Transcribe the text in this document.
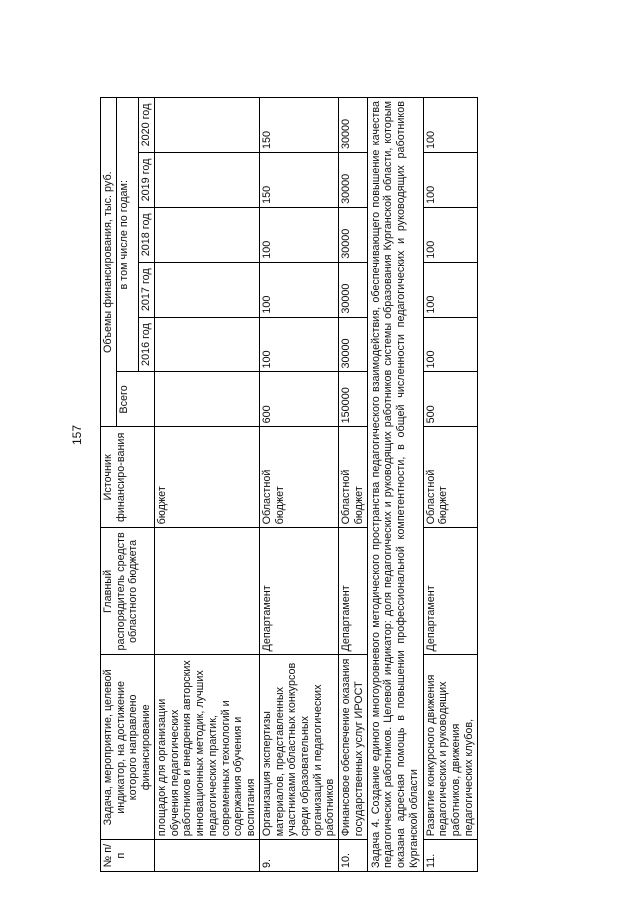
157
№ п/п	Задача, мероприятие, целевой индикатор, на достижение которого направлено финансирование	Главный распорядитель средств областного бюджета	Источник финансиро-вания	Объемы финансирования, тыс. руб.					
				Всего	в том числе по годам:				
					2016 год	2017 год	2018 год	2019 год	2020 год
	площадок для организации обучения педагогических работников и внедрения авторских инновационных методик, лучших педагогических практик, современных технологий и содержания обучения и воспитания		бюджет						
9.	Организация экспертизы материалов, представленных участниками областных конкурсов среди образовательных организаций и педагогических работников	Департамент	Областной бюджет	600	100	100	100	150	150
10.	Финансовое обеспечение оказания государственных услуг ИРОСТ	Департамент	Областной бюджет	150000	30000	30000	30000	30000	30000
Задача 4. Создание единого многоуровневого методического пространства педагогического взаимодействия, обеспечивающего повышение качества педагогических работников. Целевой индикатор: доля педагогических и руководящих работников системы образования Курганской области, которым оказана адресная помощь в повышении профессиональной компетентности, в общей численности педагогических и руководящих работников Курганской области									
11.	Развитие конкурсного движения педагогических и руководящих работников, движения педагогических клубов,	Департамент	Областной бюджет	500	100	100	100	100	100
